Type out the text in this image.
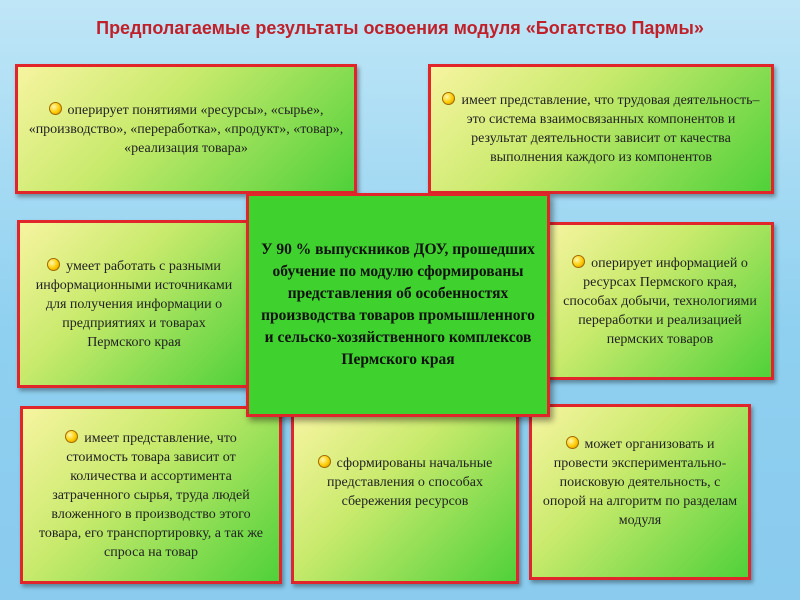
Предполагаемые результаты освоения модуля «Богатство Пармы»

оперирует понятиями «ресурсы», «сырье», «производство», «переработка», «продукт», «товар», «реализация товара»

имеет представление, что трудовая деятельность–это система взаимосвязанных компонентов и результат деятельности зависит от качества выполнения каждого из компонентов

умеет работать с разными информационными источниками для получения информации о предприятиях и товарах Пермского края

оперирует информацией о ресурсах Пермского края, способах добычи, технологиями переработки и реализацией пермских товаров

имеет представление, что стоимость товара зависит от количества и ассортимента затраченного сырья, труда людей вложенного в производство этого товара, его транспортировку, а так же спроса на товар

сформированы начальные представления о способах сбережения ресурсов

может организовать и провести экспериментально-поисковую деятельность, с опорой на алгоритм по разделам модуля

У 90 % выпускников ДОУ, прошедших обучение по модулю сформированы представления об особенностях производства товаров промышленного и сельско-хозяйственного комплексов Пермского края
